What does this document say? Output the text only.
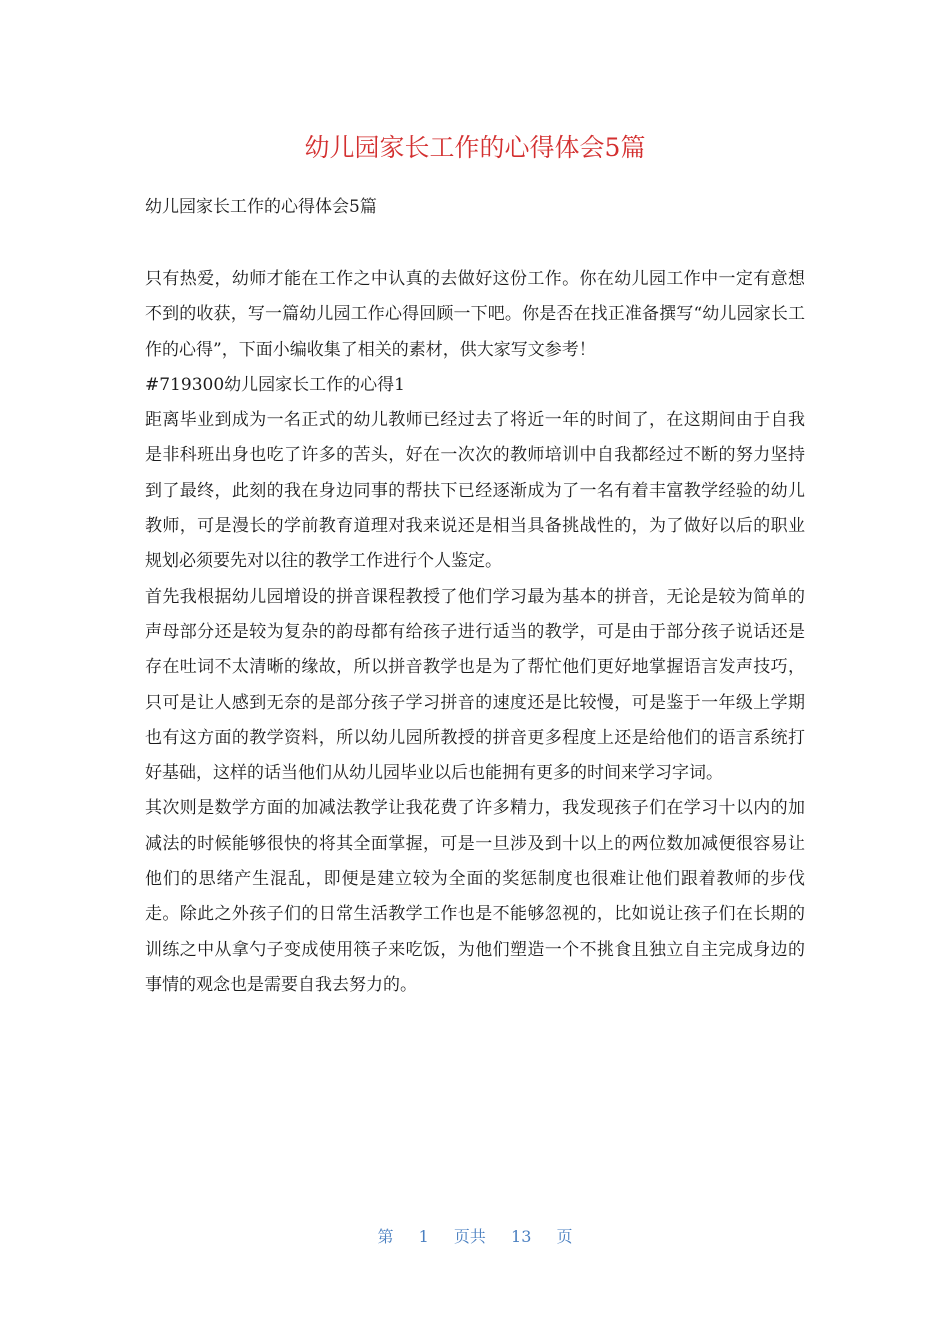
幼儿园家长工作的心得体会5篇

幼儿园家长工作的心得体会5篇

只有热爱，幼师才能在工作之中认真的去做好这份工作。你在幼儿园工作中一定有意想不到的收获，写一篇幼儿园工作心得回顾一下吧。你是否在找正准备撰写“幼儿园家长工作的心得”，下面小编收集了相关的素材，供大家写文参考！

#719300幼儿园家长工作的心得1

距离毕业到成为一名正式的幼儿教师已经过去了将近一年的时间了，在这期间由于自我是非科班出身也吃了许多的苦头，好在一次次的教师培训中自我都经过不断的努力坚持到了最终，此刻的我在身边同事的帮扶下已经逐渐成为了一名有着丰富教学经验的幼儿教师，可是漫长的学前教育道理对我来说还是相当具备挑战性的，为了做好以后的职业规划必须要先对以往的教学工作进行个人鉴定。

首先我根据幼儿园增设的拼音课程教授了他们学习最为基本的拼音，无论是较为简单的声母部分还是较为复杂的韵母都有给孩子进行适当的教学，可是由于部分孩子说话还是存在吐词不太清晰的缘故，所以拼音教学也是为了帮忙他们更好地掌握语言发声技巧，只可是让人感到无奈的是部分孩子学习拼音的速度还是比较慢，可是鉴于一年级上学期也有这方面的教学资料，所以幼儿园所教授的拼音更多程度上还是给他们的语言系统打好基础，这样的话当他们从幼儿园毕业以后也能拥有更多的时间来学习字词。

其次则是数学方面的加减法教学让我花费了许多精力，我发现孩子们在学习十以内的加减法的时候能够很快的将其全面掌握，可是一旦涉及到十以上的两位数加减便很容易让他们的思绪产生混乱，即便是建立较为全面的奖惩制度也很难让他们跟着教师的步伐走。除此之外孩子们的日常生活教学工作也是不能够忽视的，比如说让孩子们在长期的训练之中从拿勺子变成使用筷子来吃饭，为他们塑造一个不挑食且独立自主完成身边的事情的观念也是需要自我去努力的。

第 1 页共 13 页
